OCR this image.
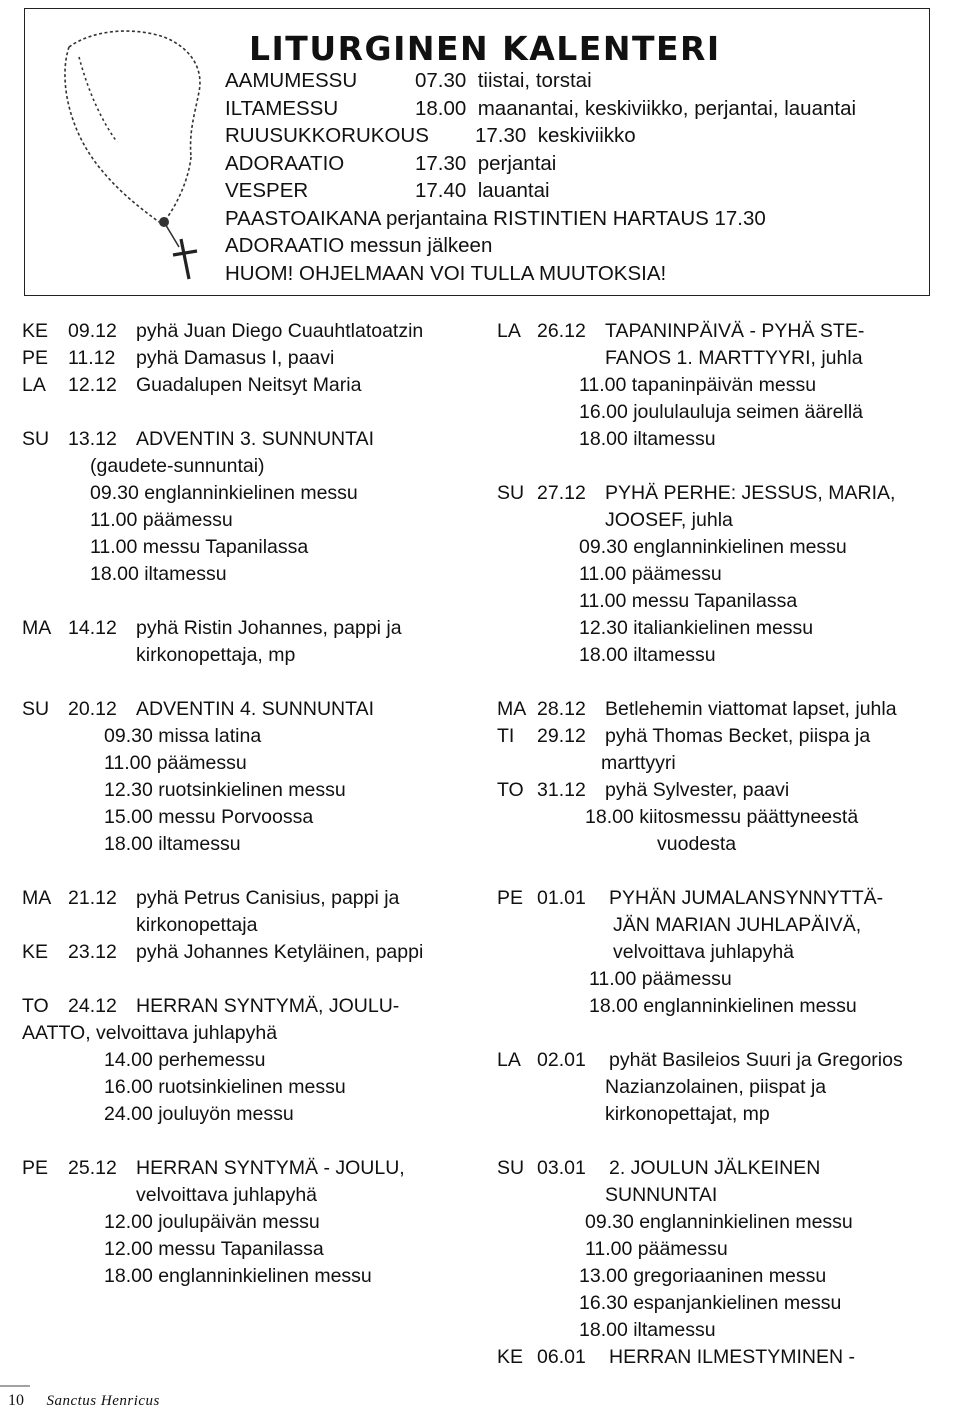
LITURGINEN KALENTERI
AAMUMESSU	07.30 tiistai, torstai
ILTAMESSU	18.00 maanantai, keskiviikko, perjantai, lauantai
RUUSUKKORUKOUS 17.30 keskiviikko
ADORAATIO	17.30 perjantai
VESPER	17.40 lauantai
PAASTOAIKANA perjantaina RISTINTIEN HARTAUS 17.30
ADORAATIO messun jälkeen
HUOM! OHJELMAAN VOI TULLA MUUTOKSIA!
KE 09.12 pyhä Juan Diego Cuauhtlatoatzin
PE 11.12 pyhä Damasus I, paavi
LA 12.12 Guadalupen Neitsyt Maria
SU 13.12 ADVENTIN 3. SUNNUNTAI
(gaudete-sunnuntai)
09.30 englanninkielinen messu
11.00 päämessu
11.00 messu Tapanilassa
18.00 iltamessu
MA 14.12 pyhä Ristin Johannes, pappi ja
kirkonopettaja, mp
SU 20.12 ADVENTIN 4. SUNNUNTAI
09.30 missa latina
11.00 päämessu
12.30 ruotsinkielinen messu
15.00 messu Porvoossa
18.00 iltamessu
MA 21.12 pyhä Petrus Canisius, pappi ja
kirkonopettaja
KE 23.12 pyhä Johannes Ketyläinen, pappi
TO 24.12 HERRAN SYNTYMÄ, JOULU-
AATTO, velvoittava juhlapyhä
14.00 perhemessu
16.00 ruotsinkielinen messu
24.00 jouluyön messu
PE 25.12 HERRAN SYNTYMÄ - JOULU,
velvoittava juhlapyhä
12.00 joulupäivän messu
12.00 messu Tapanilassa
18.00 englanninkielinen messu
LA 26.12 TAPANINPÄIVÄ - PYHÄ STE-
FANOS 1. MARTTYYRI, juhla
11.00 tapaninpäivän messu
16.00 joululauluja seimen äärellä
18.00 iltamessu
SU 27.12 PYHÄ PERHE: JESSUS, MARIA,
JOOSEF, juhla
09.30 englanninkielinen messu
11.00 päämessu
11.00 messu Tapanilassa
12.30 italiankielinen messu
18.00 iltamessu
MA 28.12 Betlehemin viattomat lapset, juhla
TI 29.12 pyhä Thomas Becket, piispa ja
marttyyri
TO 31.12 pyhä Sylvester, paavi
18.00 kiitosmessu päättyneestä
vuodesta
PE 01.01 PYHÄN JUMALANSYNNYTTÄ-
JÄN MARIAN JUHLAPÄIVÄ,
velvoittava juhlapyhä
11.00 päämessu
18.00 englanninkielinen messu
LA 02.01 pyhät Basileios Suuri ja Gregorios
Nazianzolainen, piispat ja
kirkonopettajat, mp
SU 03.01 2. JOULUN JÄLKEINEN
SUNNUNTAI
09.30 englanninkielinen messu
11.00 päämessu
13.00 gregoriaaninen messu
16.30 espanjankielinen messu
18.00 iltamessu
KE 06.01 HERRAN ILMESTYMINEN -
10 Sanctus Henricus
